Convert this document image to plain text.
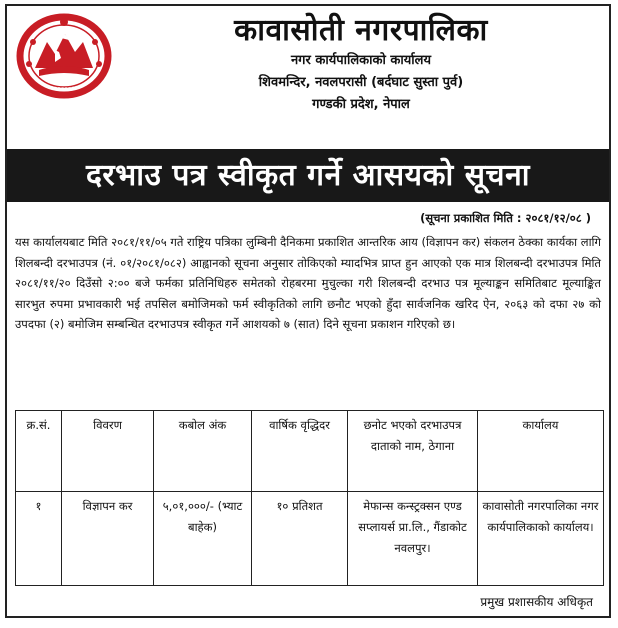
कावासोती नगरपालिका
नगर कार्यपालिकाको कार्यालय
शिवमन्दिर, नवलपरासी (बर्दघाट सुस्ता पुर्व)
गण्डकी प्रदेश, नेपाल
दरभाउ पत्र स्वीकृत गर्ने आसयको सूचना
(सूचना प्रकाशित मिति : २०८१/१२/०८ )
यस कार्यालयबाट मिति २०८१/११/०५ गते राष्ट्रिय पत्रिका लुम्बिनी दैनिकमा प्रकाशित आन्तरिक आय (विज्ञापन कर) संकलन ठेक्का कार्यका लागि शिलबन्दी दरभाउपत्र (नं. ०१/२०८१/०८२) आह्वानको सूचना अनुसार तोकिएको म्यादभित्र प्राप्त हुन आएको एक मात्र शिलबन्दी दरभाउपत्र मिति २०८१/११/२० दिउँसो २:०० बजे फर्मका प्रतिनिधिहरु समेतको रोहबरमा मुचुल्का गरी शिलबन्दी दरभाउ पत्र मूल्याङ्कन समितिबाट मूल्याङ्कित सारभुत रुपमा प्रभावकारी भई तपसिल बमोजिमको फर्म स्वीकृतिको लागि छनौट भएको हुँदा सार्वजनिक खरिद ऐन, २०६३ को दफा २७ को उपदफा (२) बमोजिम सम्बन्धित दरभाउपत्र स्वीकृत गर्ने आशयको ७ (सात) दिने सूचना प्रकाशन गरिएको छ।
क्र.सं.	विवरण	कबोल अंक	वार्षिक वृद्धिदर	छनोट भएको दरभाउपत्र दाताको नाम, ठेगाना	कार्यालय
१	विज्ञापन कर	५,०१,०००/- (भ्याट बाहेक)	१० प्रतिशत	मेफान्स कन्स्ट्रक्सन एण्ड सप्लायर्स प्रा.लि., गैंडाकोट नवलपुर।	कावासोती नगरपालिका नगर कार्यपालिकाको कार्यालय।
प्रमुख प्रशासकीय अधिकृत
